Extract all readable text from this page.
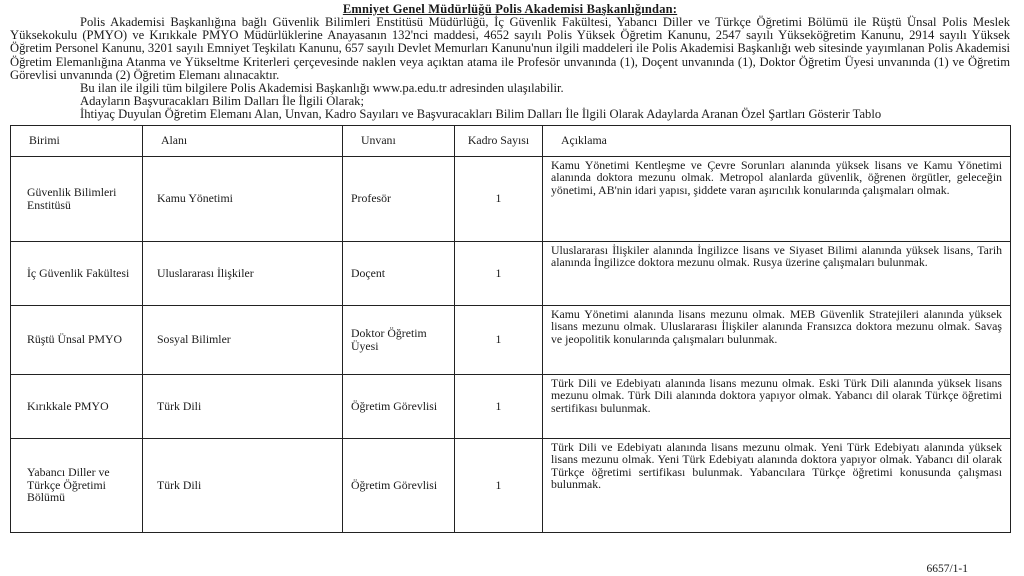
Emniyet Genel Müdürlüğü Polis Akademisi Başkanlığından:

Polis Akademisi Başkanlığına bağlı Güvenlik Bilimleri Enstitüsü Müdürlüğü, İç Güvenlik Fakültesi, Yabancı Diller ve Türkçe Öğretimi Bölümü ile Rüştü Ünsal Polis Meslek Yüksekokulu (PMYO) ve Kırıkkale PMYO Müdürlüklerine Anayasanın 132'nci maddesi, 4652 sayılı Polis Yüksek Öğretim Kanunu, 2547 sayılı Yükseköğretim Kanunu, 2914 sayılı Yüksek Öğretim Personel Kanunu, 3201 sayılı Emniyet Teşkilatı Kanunu, 657 sayılı Devlet Memurları Kanunu'nun ilgili maddeleri ile Polis Akademisi Başkanlığı web sitesinde yayımlanan Polis Akademisi Öğretim Elemanlığına Atanma ve Yükseltme Kriterleri çerçevesinde naklen veya açıktan atama ile Profesör unvanında (1), Doçent unvanında (1), Doktor Öğretim Üyesi unvanında (1) ve Öğretim Görevlisi unvanında (2) Öğretim Elemanı alınacaktır.

Bu ilan ile ilgili tüm bilgilere Polis Akademisi Başkanlığı www.pa.edu.tr adresinden ulaşılabilir.

Adayların Başvuracakları Bilim Dalları İle İlgili Olarak;

İhtiyaç Duyulan Öğretim Elemanı Alan, Unvan, Kadro Sayıları ve Başvuracakları Bilim Dalları İle İlgili Olarak Adaylarda Aranan Özel Şartları Gösterir Tablo

Birimi	Alanı	Unvanı	Kadro Sayısı	Açıklama
Güvenlik Bilimleri Enstitüsü	Kamu Yönetimi	Profesör	1	Kamu Yönetimi Kentleşme ve Çevre Sorunları alanında yüksek lisans ve Kamu Yönetimi alanında doktora mezunu olmak. Metropol alanlarda güvenlik, öğrenen örgütler, geleceğin yönetimi, AB'nin idari yapısı, şiddete varan aşırıcılık konularında çalışmaları olmak.
İç Güvenlik Fakültesi	Uluslararası İlişkiler	Doçent	1	Uluslararası İlişkiler alanında İngilizce lisans ve Siyaset Bilimi alanında yüksek lisans, Tarih alanında İngilizce doktora mezunu olmak. Rusya üzerine çalışmaları bulunmak.
Rüştü Ünsal PMYO	Sosyal Bilimler	Doktor Öğretim Üyesi	1	Kamu Yönetimi alanında lisans mezunu olmak. MEB Güvenlik Stratejileri alanında yüksek lisans mezunu olmak. Uluslararası İlişkiler alanında Fransızca doktora mezunu olmak. Savaş ve jeopolitik konularında çalışmaları bulunmak.
Kırıkkale PMYO	Türk Dili	Öğretim Görevlisi	1	Türk Dili ve Edebiyatı alanında lisans mezunu olmak. Eski Türk Dili alanında yüksek lisans mezunu olmak. Türk Dili alanında doktora yapıyor olmak. Yabancı dil olarak Türkçe öğretimi sertifikası bulunmak.
Yabancı Diller ve Türkçe Öğretimi Bölümü	Türk Dili	Öğretim Görevlisi	1	Türk Dili ve Edebiyatı alanında lisans mezunu olmak. Yeni Türk Edebiyatı alanında yüksek lisans mezunu olmak. Yeni Türk Edebiyatı alanında doktora yapıyor olmak. Yabancı dil olarak Türkçe öğretimi sertifikası bulunmak. Yabancılara Türkçe öğretimi konusunda çalışması bulunmak.
6657/1-1
